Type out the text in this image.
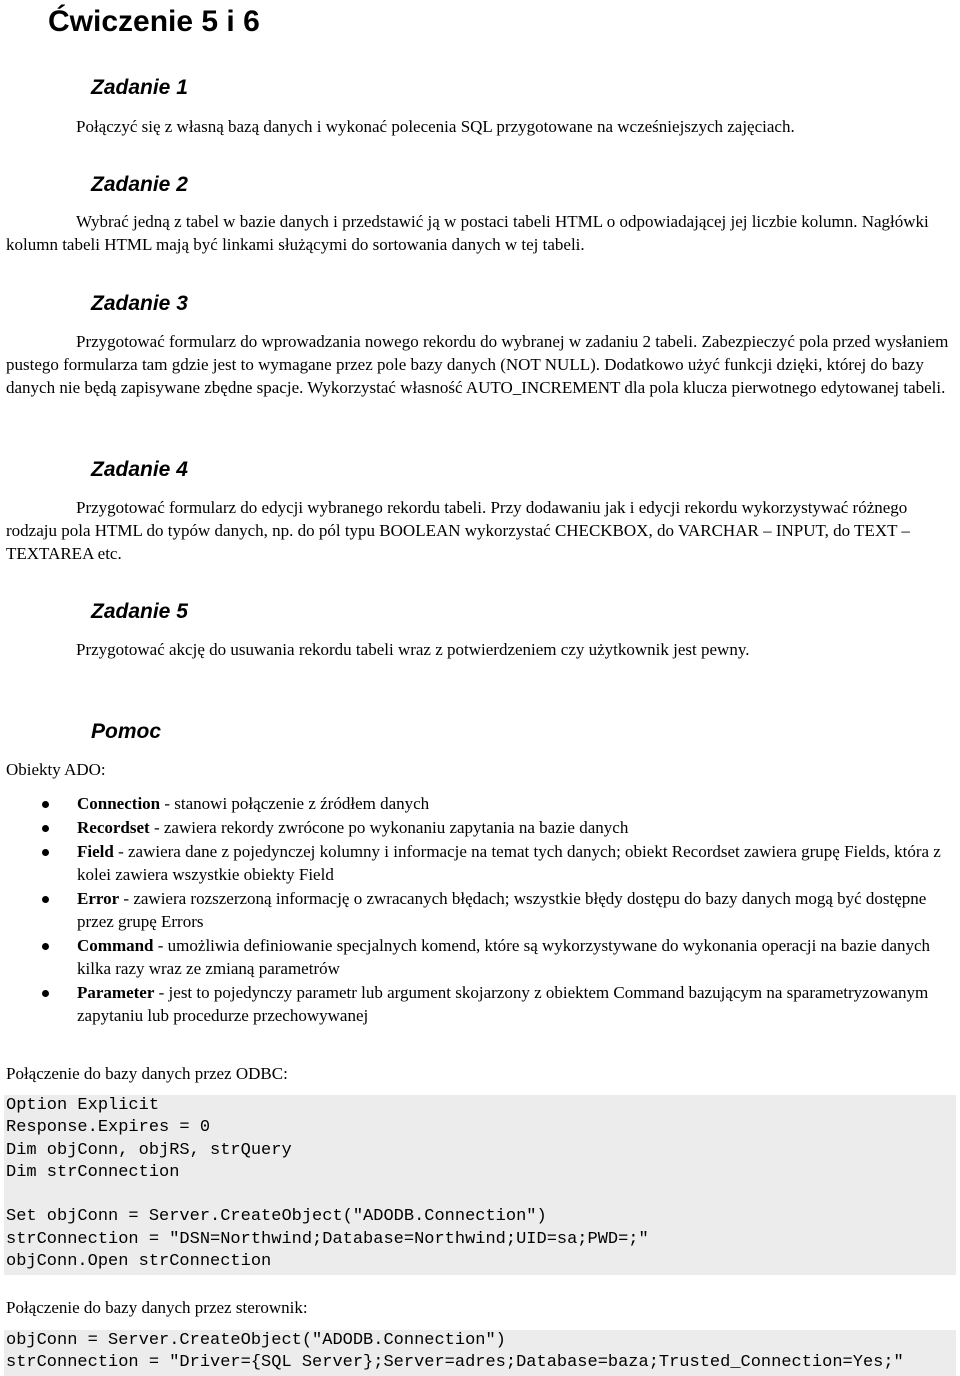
Ćwiczenie 5 i 6
Zadanie 1

Połączyć się z własną bazą danych i wykonać polecenia SQL przygotowane na wcześniejszych zajęciach.

Zadanie 2

Wybrać jedną z tabel w bazie danych i przedstawić ją w postaci tabeli HTML o odpowiadającej jej liczbie kolumn. Nagłówki kolumn tabeli HTML mają być linkami służącymi do sortowania danych w tej tabeli.

Zadanie 3

Przygotować formularz do wprowadzania nowego rekordu do wybranej w zadaniu 2 tabeli. Zabezpieczyć pola przed wysłaniem pustego formularza tam gdzie jest to wymagane przez pole bazy danych (NOT NULL). Dodatkowo użyć funkcji dzięki, której do bazy danych nie będą zapisywane zbędne spacje. Wykorzystać własność AUTO_INCREMENT dla pola klucza pierwotnego edytowanej tabeli.

Zadanie 4

Przygotować formularz do edycji wybranego rekordu tabeli. Przy dodawaniu jak i edycji rekordu wykorzystywać różnego rodzaju pola HTML do typów danych, np. do pól typu BOOLEAN wykorzystać CHECKBOX, do VARCHAR – INPUT, do TEXT – TEXTAREA etc.

Zadanie 5

Przygotować akcję do usuwania rekordu tabeli wraz z potwierdzeniem czy użytkownik jest pewny.

Pomoc

Obiekty ADO:

Connection - stanowi połączenie z źródłem danych
Recordset - zawiera rekordy zwrócone po wykonaniu zapytania na bazie danych
Field - zawiera dane z pojedynczej kolumny i informacje na temat tych danych; obiekt Recordset zawiera grupę Fields, która z kolei zawiera wszystkie obiekty Field
Error - zawiera rozszerzoną informację o zwracanych błędach; wszystkie błędy dostępu do bazy danych mogą być dostępne przez grupę Errors
Command - umożliwia definiowanie specjalnych komend, które są wykorzystywane do wykonania operacji na bazie danych kilka razy wraz ze zmianą parametrów
Parameter - jest to pojedynczy parametr lub argument skojarzony z obiektem Command bazującym na sparametryzowanym zapytaniu lub procedurze przechowywanej

Połączenie do bazy danych przez ODBC:

Option Explicit
Response.Expires = 0
Dim objConn, objRS, strQuery
Dim strConnection

Set objConn = Server.CreateObject("ADODB.Connection")
strConnection = "DSN=Northwind;Database=Northwind;UID=sa;PWD=;"
objConn.Open strConnection

Połączenie do bazy danych przez sterownik:

objConn = Server.CreateObject("ADODB.Connection")
strConnection = "Driver={SQL Server};Server=adres;Database=baza;Trusted_Connection=Yes;"
